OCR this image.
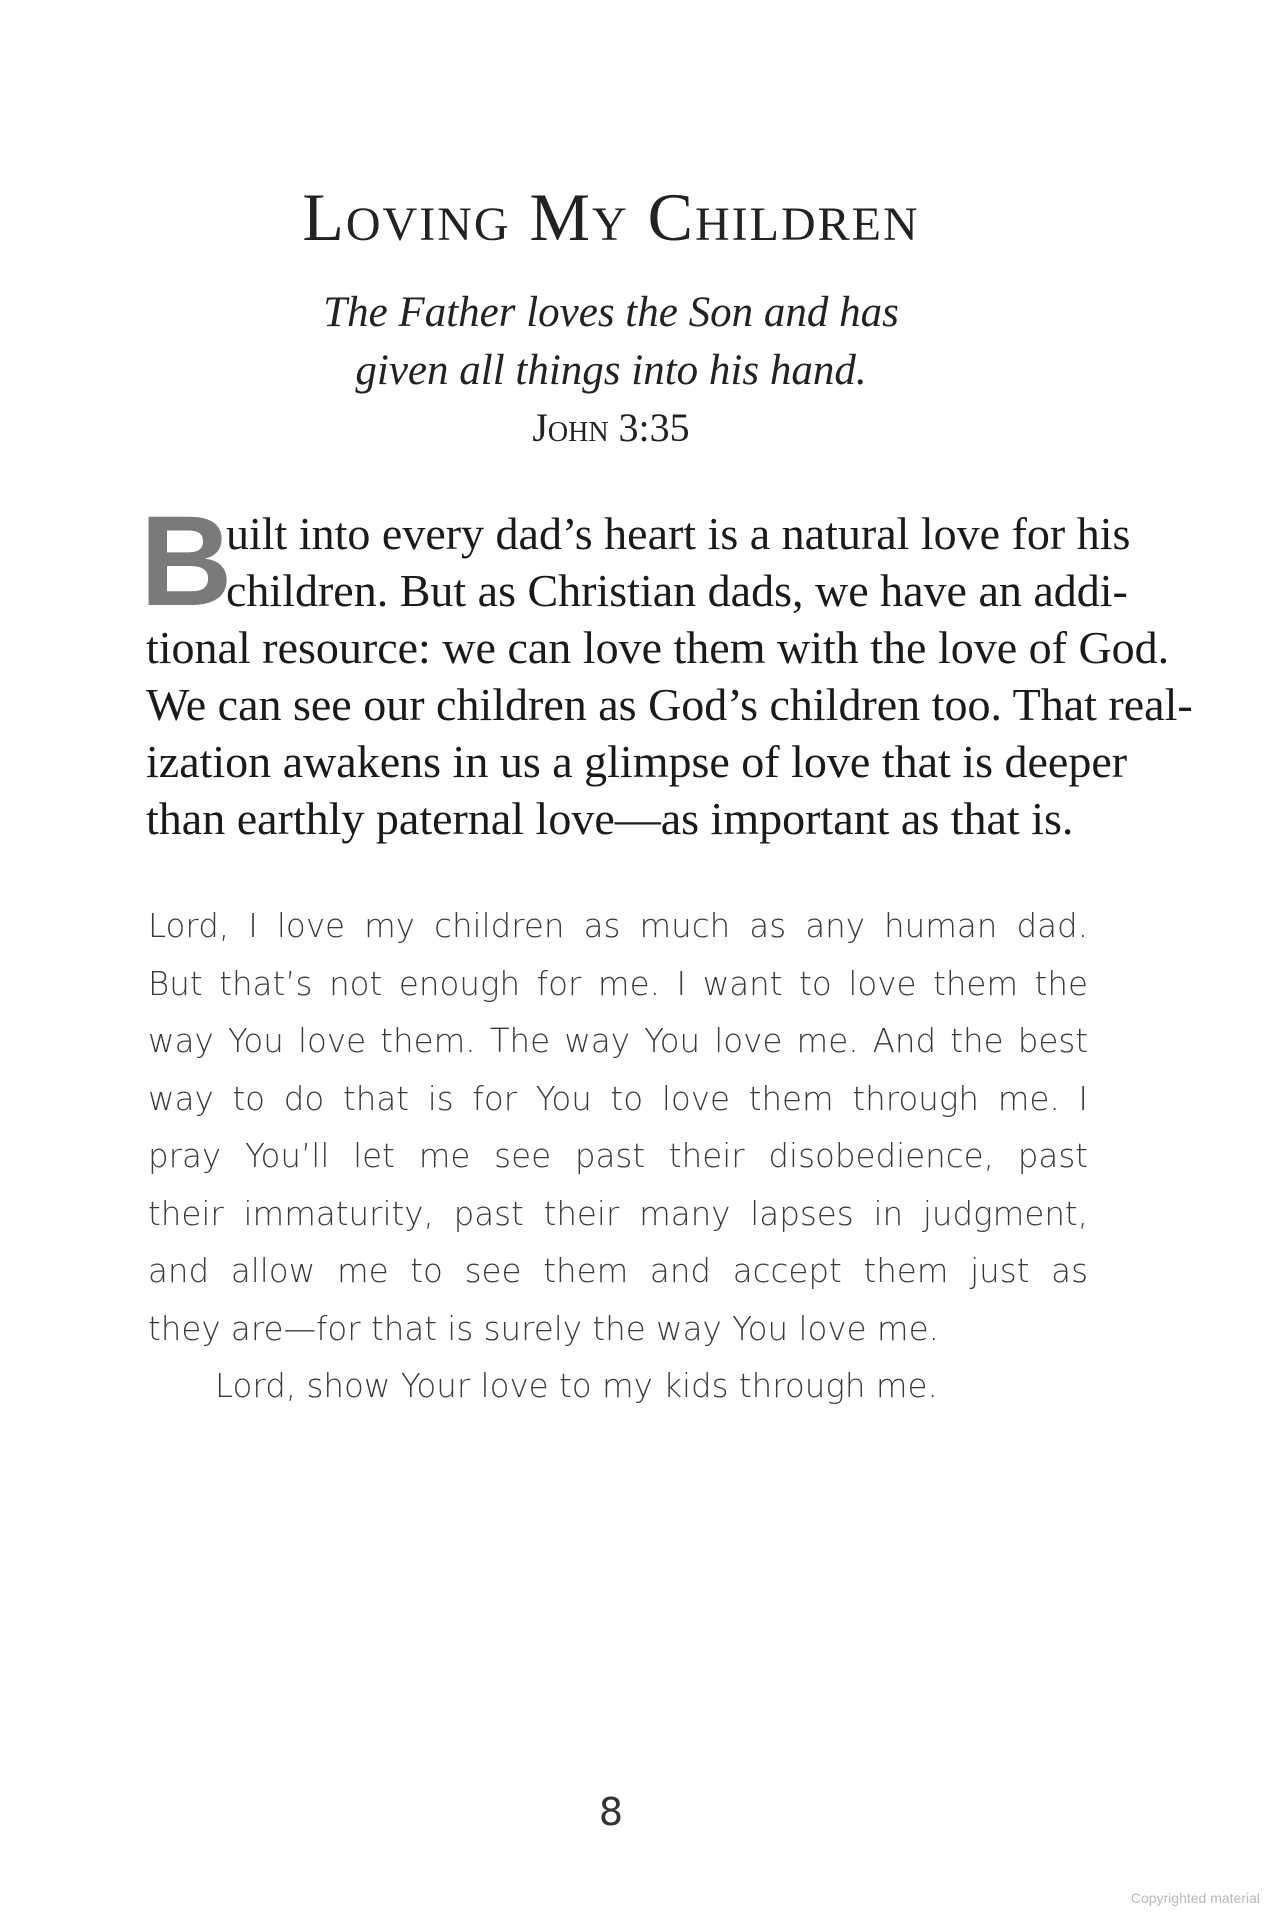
Loving My Children
The Father loves the Son and has
given all things into his hand.
John 3:35
B
uilt into every dad’s heart is a natural love for his
children. But as Christian dads, we have an addi-
tional resource: we can love them with the love of God.
We can see our children as God’s children too. That real-
ization awakens in us a glimpse of love that is deeper
than earthly paternal love—as important as that is.
Lord, I love my children as much as any human dad.
But that’s not enough for me. I want to love them the
way You love them. The way You love me. And the best
way to do that is for You to love them through me. I
pray You’ll let me see past their disobedience, past
their immaturity, past their many lapses in judgment,
and allow me to see them and accept them just as
they are—for that is surely the way You love me.
Lord, show Your love to my kids through me.
8
Copyrighted material
